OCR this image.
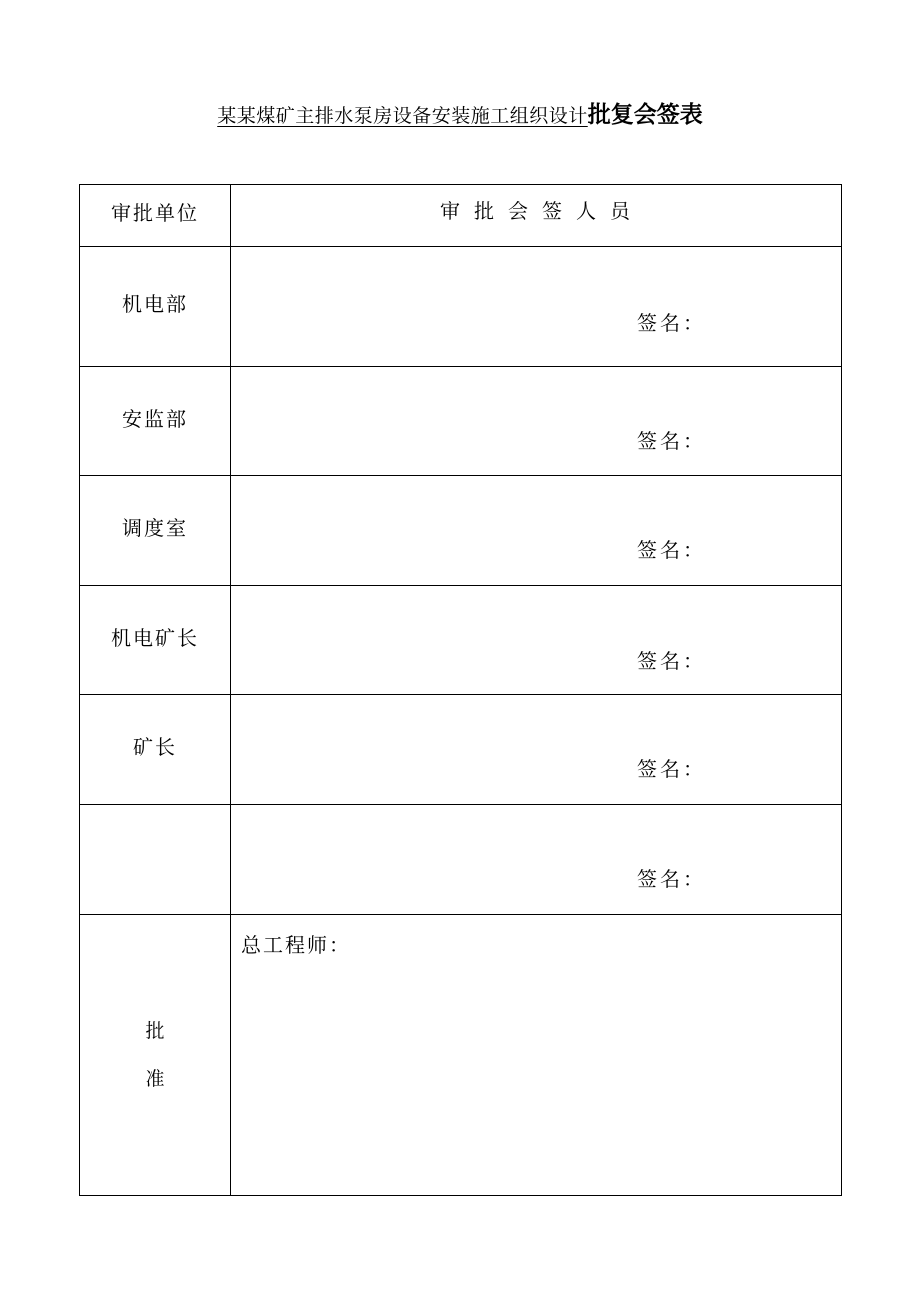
某某煤矿主排水泵房设备安装施工组织设计批复会签表
审批单位	审批会签人员
机电部	签名：

安监部	签名：

调度室	签名：

机电矿长	签名：

矿长	签名：

	签名：

批
准	总工程师：
